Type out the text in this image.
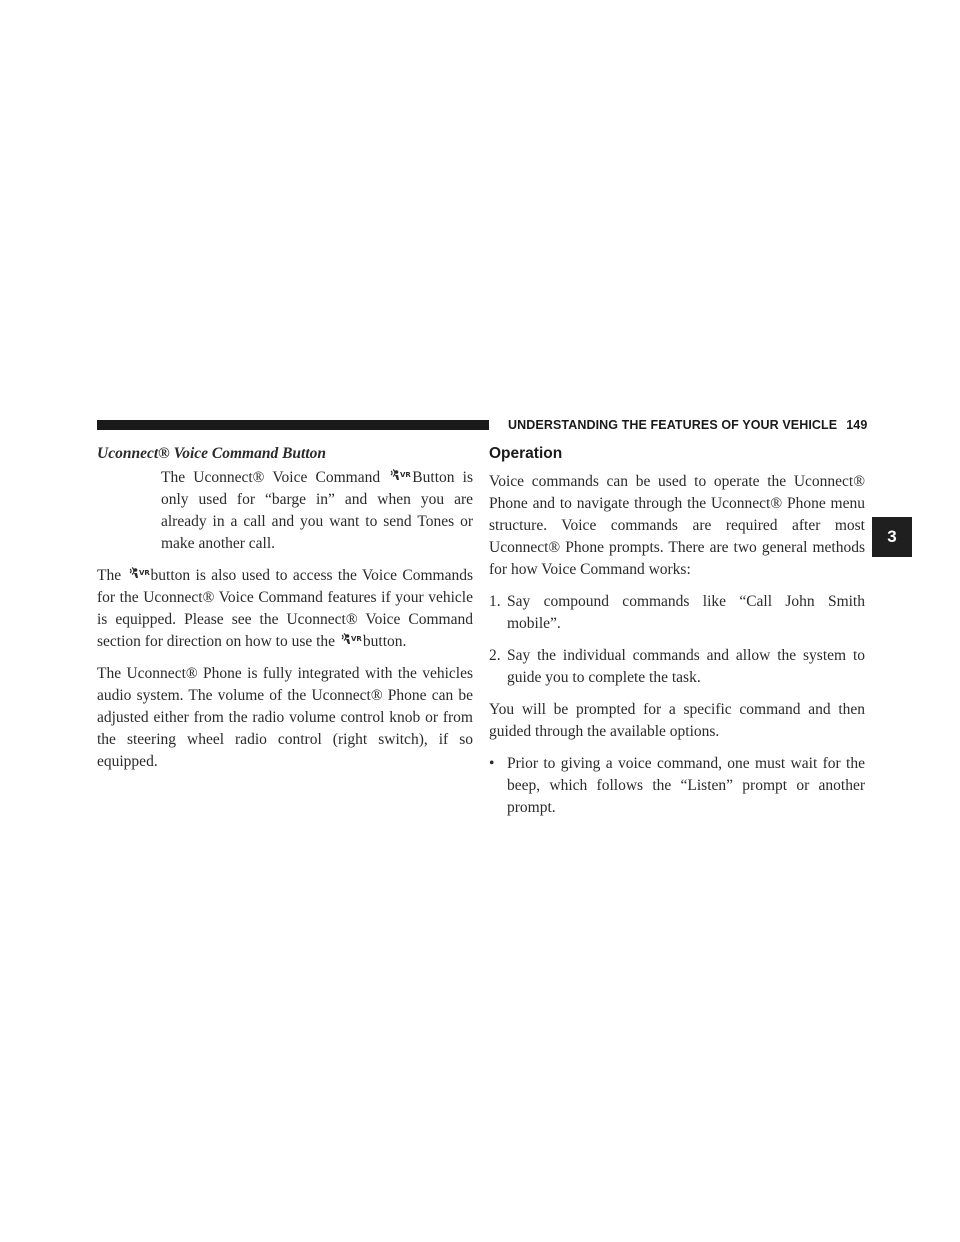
UNDERSTANDING THE FEATURES OF YOUR VEHICLE 149
3
Uconnect® Voice Command Button
The Uconnect® Voice Command	VR Button is only used for “barge in” and when you are already in a call and you want to send Tones or make another call.

The VR button is also used to access the Voice Commands for the Uconnect® Voice Command features if your vehicle is equipped. Please see the Uconnect® Voice Command section for direction on how to use the VR button.

The Uconnect® Phone is fully integrated with the vehicles audio system. The volume of the Uconnect® Phone can be adjusted either from the radio volume control knob or from the steering wheel radio control (right switch), if so equipped.

Operation

Voice commands can be used to operate the Uconnect® Phone and to navigate through the Uconnect® Phone menu structure. Voice commands are required after most Uconnect® Phone prompts. There are two general methods for how Voice Command works:

1. Say compound commands like “Call John Smith mobile”.
2. Say the individual commands and allow the system to guide you to complete the task.

You will be prompted for a specific command and then guided through the available options.

• Prior to giving a voice command, one must wait for the beep, which follows the “Listen” prompt or another prompt.
